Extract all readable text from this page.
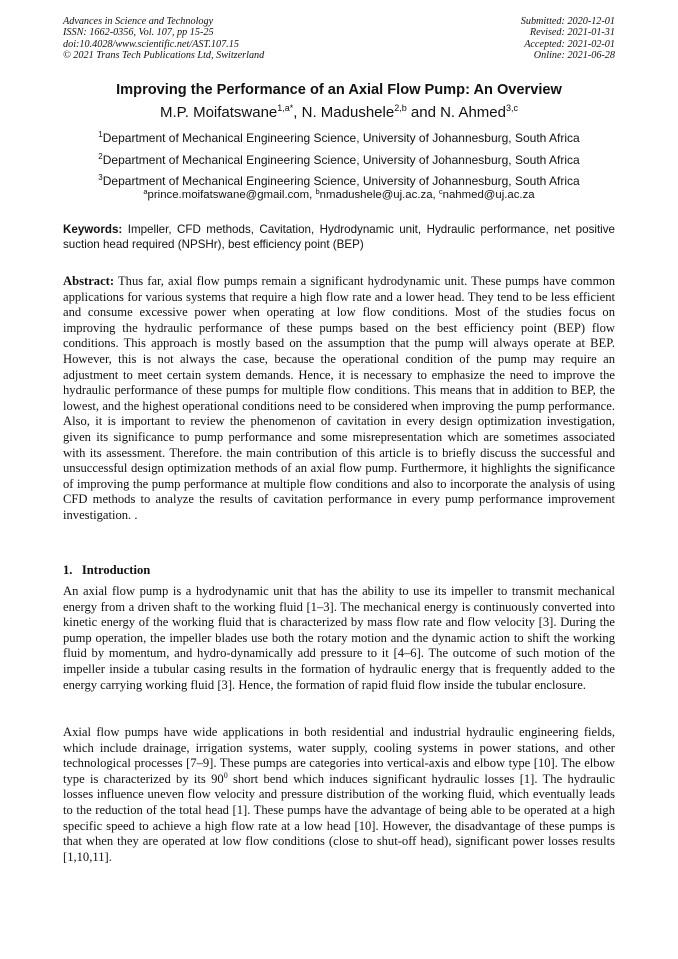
Advances in Science and Technology
ISSN: 1662-0356, Vol. 107, pp 15-25
doi:10.4028/www.scientific.net/AST.107.15
© 2021 Trans Tech Publications Ltd, Switzerland
Submitted: 2020-12-01
Revised: 2021-01-31
Accepted: 2021-02-01
Online: 2021-06-28
Improving the Performance of an Axial Flow Pump: An Overview
M.P. Moifatswane$^{1,a*}$, N. Madushele$^{2,b}$ and N. Ahmed$^{3,c}$
$^1$Department of Mechanical Engineering Science, University of Johannesburg, South Africa
$^2$Department of Mechanical Engineering Science, University of Johannesburg, South Africa
$^3$Department of Mechanical Engineering Science, University of Johannesburg, South Africa
$^a$prince.moifatswane@gmail.com, $^b$nmadushele@uj.ac.za, $^c$nahmed@uj.ac.za
Keywords: Impeller, CFD methods, Cavitation, Hydrodynamic unit, Hydraulic performance, net positive suction head required (NPSHr), best efficiency point (BEP)
Abstract: Thus far, axial flow pumps remain a significant hydrodynamic unit. These pumps have common applications for various systems that require a high flow rate and a lower head. They tend to be less efficient and consume excessive power when operating at low flow conditions. Most of the studies focus on improving the hydraulic performance of these pumps based on the best efficiency point (BEP) flow conditions. This approach is mostly based on the assumption that the pump will always operate at BEP. However, this is not always the case, because the operational condition of the pump may require an adjustment to meet certain system demands. Hence, it is necessary to emphasize the need to improve the hydraulic performance of these pumps for multiple flow conditions. This means that in addition to BEP, the lowest, and the highest operational conditions need to be considered when improving the pump performance. Also, it is important to review the phenomenon of cavitation in every design optimization investigation, given its significance to pump performance and some misrepresentation which are sometimes associated with its assessment. Therefore. the main contribution of this article is to briefly discuss the successful and unsuccessful design optimization methods of an axial flow pump. Furthermore, it highlights the significance of improving the pump performance at multiple flow conditions and also to incorporate the analysis of using CFD methods to analyze the results of cavitation performance in every pump performance improvement investigation. .
1. Introduction
An axial flow pump is a hydrodynamic unit that has the ability to use its impeller to transmit mechanical energy from a driven shaft to the working fluid [1–3]. The mechanical energy is continuously converted into kinetic energy of the working fluid that is characterized by mass flow rate and flow velocity [3]. During the pump operation, the impeller blades use both the rotary motion and the dynamic action to shift the working fluid by momentum, and hydro-dynamically add pressure to it [4–6]. The outcome of such motion of the impeller inside a tubular casing results in the formation of hydraulic energy that is frequently added to the energy carrying working fluid [3]. Hence, the formation of rapid fluid flow inside the tubular enclosure.
Axial flow pumps have wide applications in both residential and industrial hydraulic engineering fields, which include drainage, irrigation systems, water supply, cooling systems in power stations, and other technological processes [7–9]. These pumps are categories into vertical-axis and elbow type [10]. The elbow type is characterized by its $90^0$ short bend which induces significant hydraulic losses [1]. The hydraulic losses influence uneven flow velocity and pressure distribution of the working fluid, which eventually leads to the reduction of the total head [1]. These pumps have the advantage of being able to be operated at a high specific speed to achieve a high flow rate at a low head [10]. However, the disadvantage of these pumps is that when they are operated at low flow conditions (close to shut-off head), significant power losses results [1,10,11].
